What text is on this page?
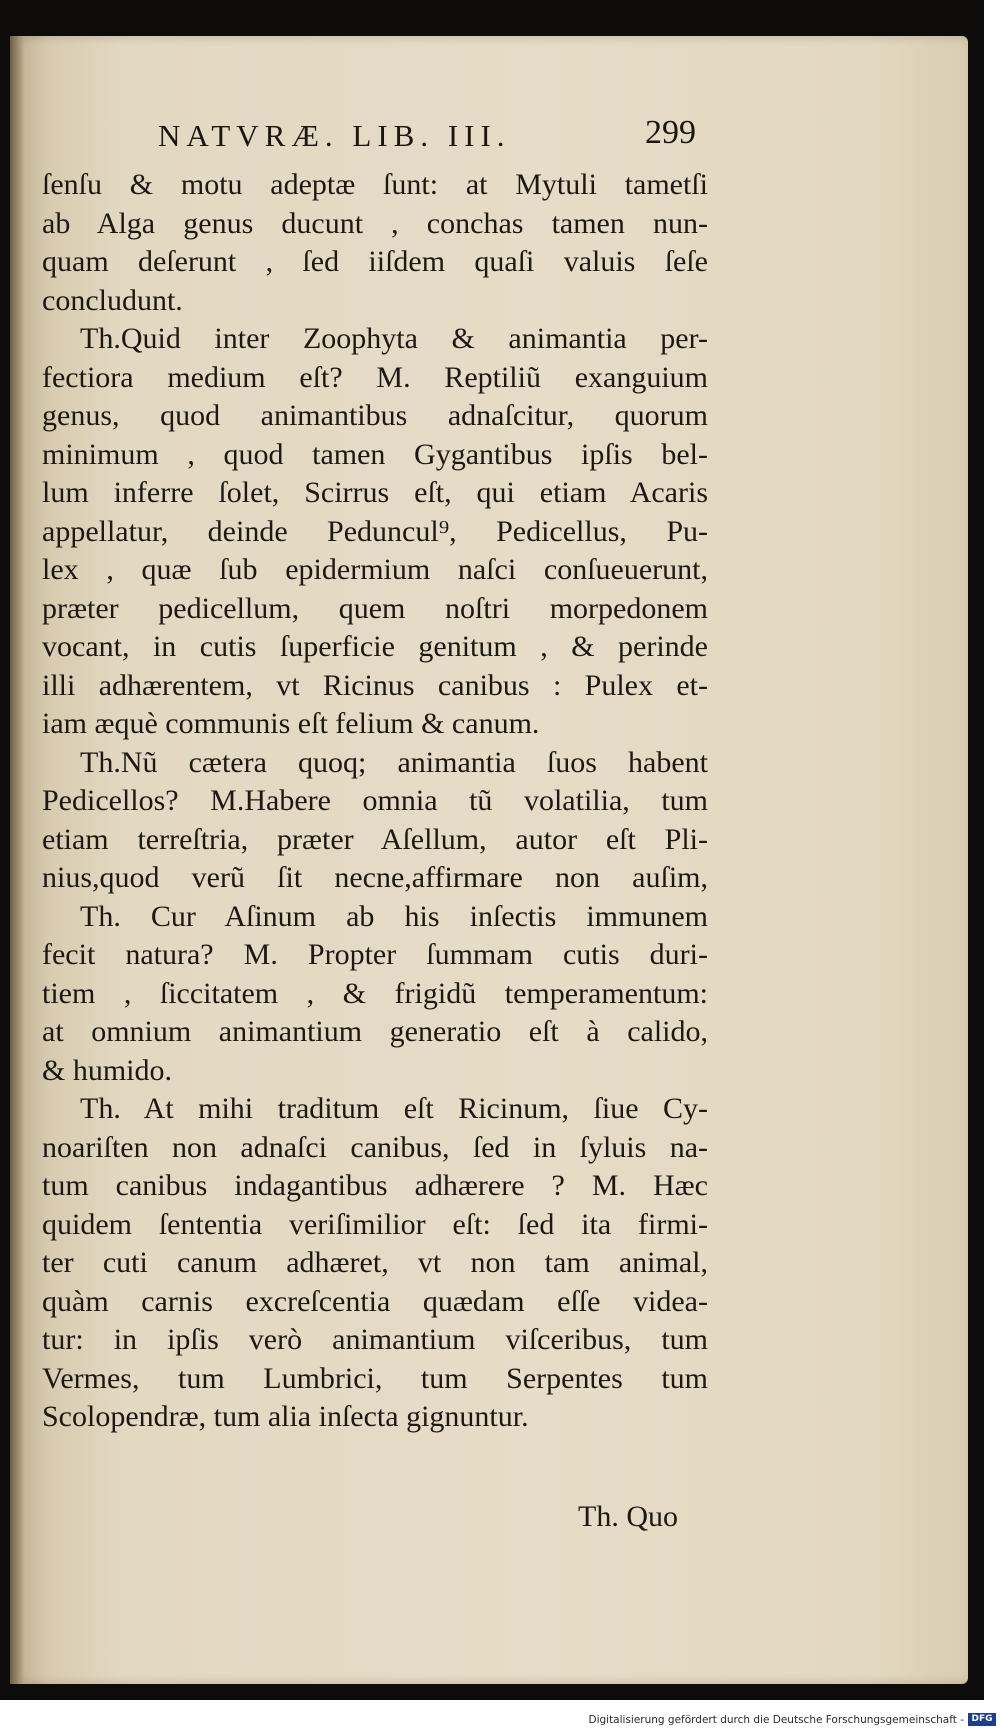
NATVRÆ. LIB. III.	299
ſenſu & motu adeptæ ſunt: at Mytuli tametſi
ab Alga genus ducunt , conchas tamen nun-
quam deſerunt , ſed iiſdem quaſi valuis ſeſe
concludunt.
Th.Quid inter Zoophyta & animantia per-
fectiora medium eſt? M. Reptiliũ exanguium
genus, quod animantibus adnaſcitur, quorum
minimum , quod tamen Gygantibus ipſis bel-
lum inferre ſolet, Scirrus eſt, qui etiam Acaris
appellatur, deinde Peduncul⁹, Pedicellus, Pu-
lex , quæ ſub epidermium naſci conſueuerunt,
præter pedicellum, quem noſtri morpedonem
vocant, in cutis ſuperficie genitum , & perinde
illi adhærentem, vt Ricinus canibus : Pulex et-
iam æquè communis eſt felium & canum.
Th.Nũ cætera quoq; animantia ſuos habent
Pedicellos? M.Habere omnia tũ volatilia, tum
etiam terreſtria, præter Aſellum, autor eſt Pli-
nius,quod verũ ſit necne,affirmare non auſim,
Th. Cur Aſinum ab his inſectis immunem
fecit natura? M. Propter ſummam cutis duri-
tiem , ſiccitatem , & frigidũ temperamentum:
at omnium animantium generatio eſt à calido,
& humido.
Th. At mihi traditum eſt Ricinum, ſiue Cy-
noariſten non adnaſci canibus, ſed in ſyluis na-
tum canibus indagantibus adhærere ? M. Hæc
quidem ſententia veriſimilior eſt: ſed ita firmi-
ter cuti canum adhæret, vt non tam animal,
quàm carnis excreſcentia quædam eſſe videa-
tur: in ipſis verò animantium viſceribus, tum
Vermes, tum Lumbrici, tum Serpentes tum
Scolopendræ, tum alia inſecta gignuntur.
Th. Quo
Digitalisierung gefördert durch die Deutsche Forschungsgemeinschaft - DFG
